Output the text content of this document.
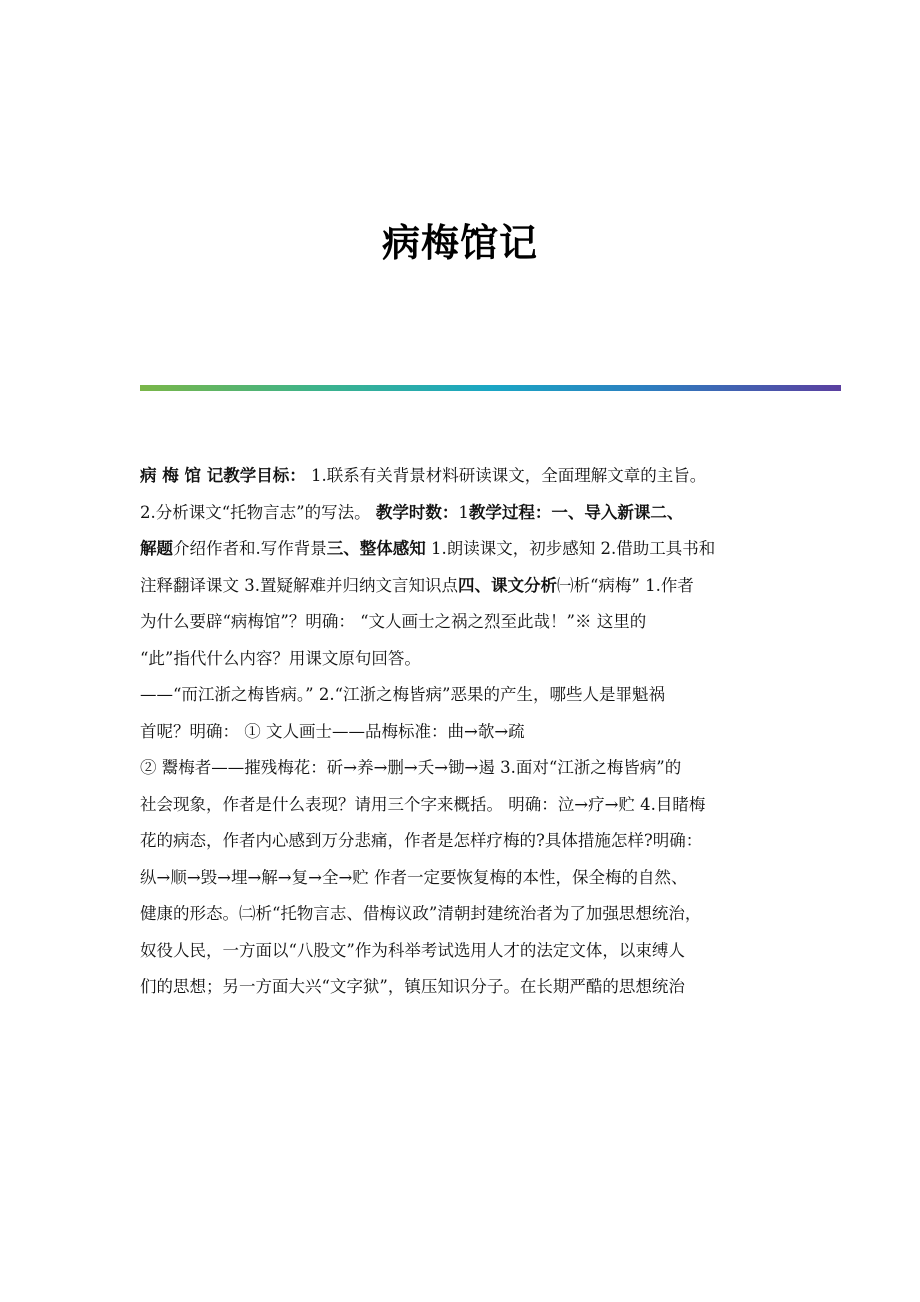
病梅馆记
病 梅 馆 记教学目标： 1.联系有关背景材料研读课文，全面理解文章的主旨。
2.分析课文“托物言志”的写法。 教学时数：1教学过程：一、导入新课二、
解题介绍作者和.写作背景三、整体感知 1.朗读课文，初步感知 2.借助工具书和
注释翻译课文 3.置疑解难并归纳文言知识点四、课文分析㈠析“病梅” 1.作者
为什么要辟“病梅馆”？明确： “文人画士之祸之烈至此哉！”※ 这里的
“此”指代什么内容？用课文原句回答。
——“而江浙之梅皆病。” 2.“江浙之梅皆病”恶果的产生，哪些人是罪魁祸
首呢？明确： ① 文人画士——品梅标准：曲→欹→疏
② 鬻梅者——摧残梅花：斫→养→删→夭→锄→遏 3.面对“江浙之梅皆病”的
社会现象，作者是什么表现？请用三个字来概括。 明确：泣→疗→贮 4.目睹梅
花的病态，作者内心感到万分悲痛，作者是怎样疗梅的?具体措施怎样?明确：
纵→顺→毁→埋→解→复→全→贮 作者一定要恢复梅的本性，保全梅的自然、
健康的形态。㈡析“托物言志、借梅议政”清朝封建统治者为了加强思想统治，
奴役人民，一方面以“八股文”作为科举考试选用人才的法定文体，以束缚人
们的思想；另一方面大兴“文字狱”，镇压知识分子。在长期严酷的思想统治
